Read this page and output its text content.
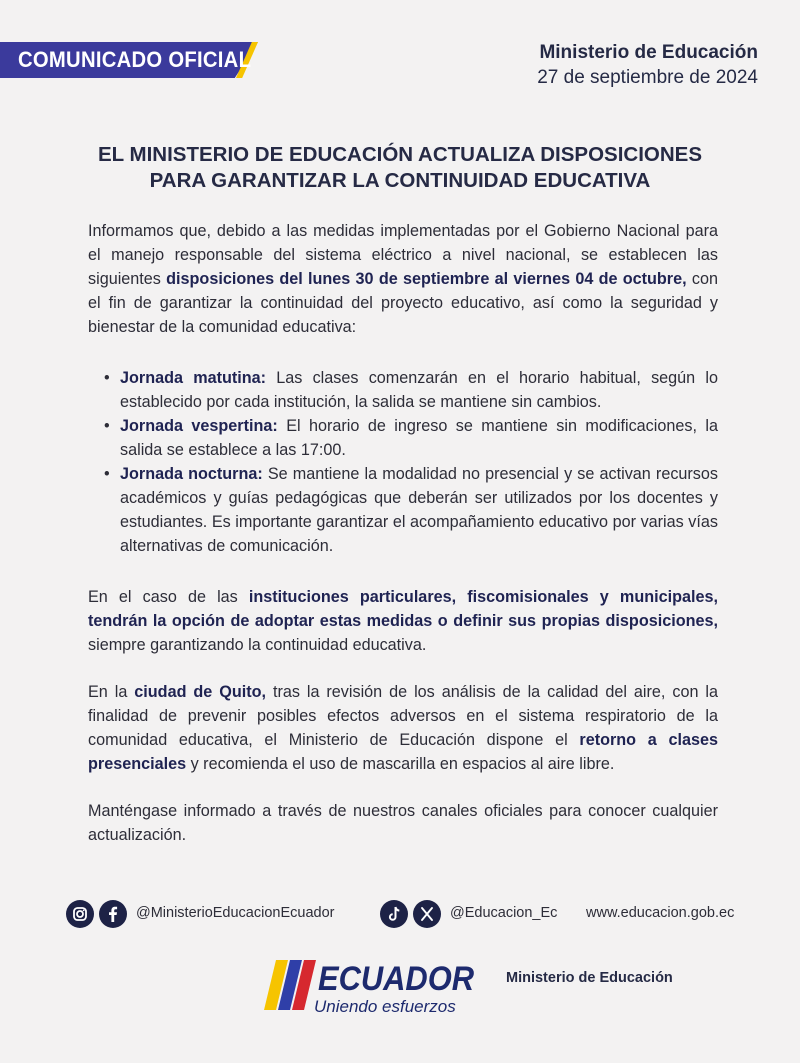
COMUNICADO OFICIAL	Ministerio de Educación
27 de septiembre de 2024
EL MINISTERIO DE EDUCACIÓN ACTUALIZA DISPOSICIONES
PARA GARANTIZAR LA CONTINUIDAD EDUCATIVA

Informamos que, debido a las medidas implementadas por el Gobierno Nacional para el manejo responsable del sistema eléctrico a nivel nacional, se establecen las siguientes disposiciones del lunes 30 de septiembre al viernes 04 de octubre, con el fin de garantizar la continuidad del proyecto educativo, así como la seguridad y bienestar de la comunidad educativa:

• Jornada matutina: Las clases comenzarán en el horario habitual, según lo establecido por cada institución, la salida se mantiene sin cambios.
• Jornada vespertina: El horario de ingreso se mantiene sin modificaciones, la salida se establece a las 17:00.
• Jornada nocturna: Se mantiene la modalidad no presencial y se activan recursos académicos y guías pedagógicas que deberán ser utilizados por los docentes y estudiantes. Es importante garantizar el acompañamiento educativo por varias vías alternativas de comunicación.

En el caso de las instituciones particulares, fiscomisionales y municipales, tendrán la opción de adoptar estas medidas o definir sus propias disposiciones, siempre garantizando la continuidad educativa.

En la ciudad de Quito, tras la revisión de los análisis de la calidad del aire, con la finalidad de prevenir posibles efectos adversos en el sistema respiratorio de la comunidad educativa, el Ministerio de Educación dispone el retorno a clases presenciales y recomienda el uso de mascarilla en espacios al aire libre.

Manténgase informado a través de nuestros canales oficiales para conocer cualquier actualización.

@MinisterioEducacionEcuador	@Educacion_Ec www.educacion.gob.ec
ECUADOR
Uniendo esfuerzos
Ministerio de Educación
